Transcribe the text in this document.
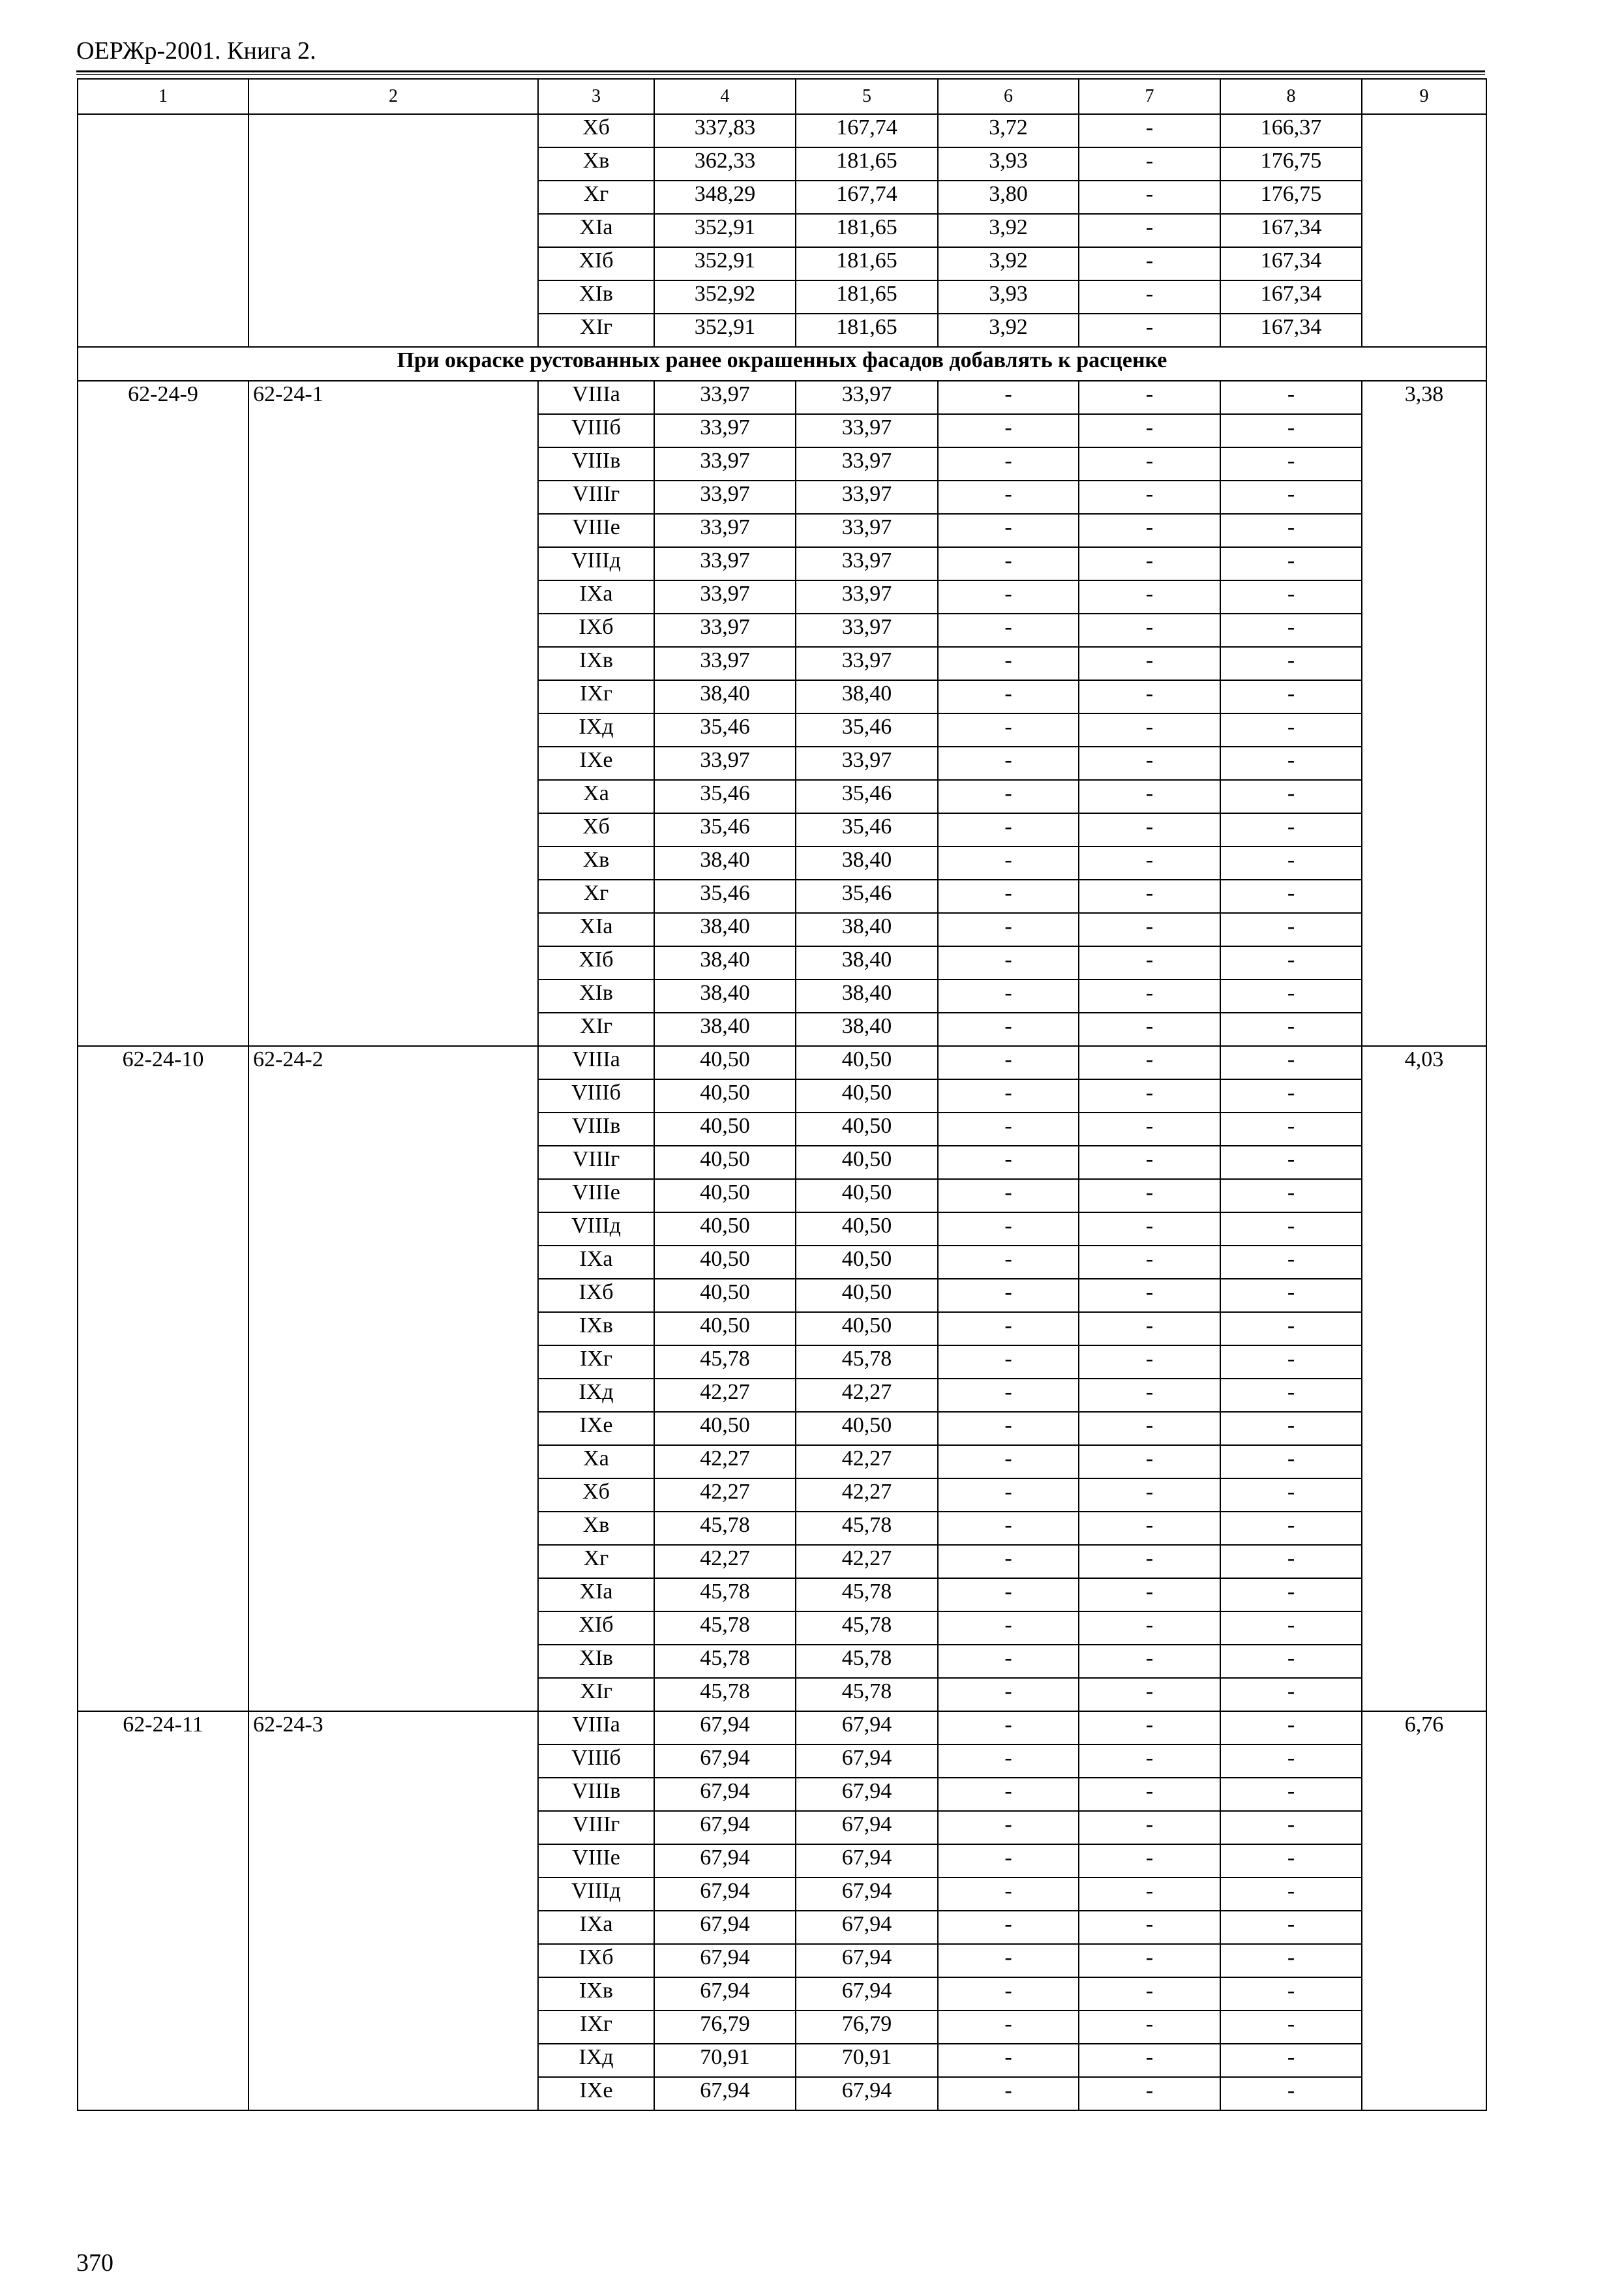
ОЕРЖр-2001. Книга 2.
1	2	3	4	5	6	7	8	9
		Xб	337,83	167,74	3,72	-	166,37	
		Xв	362,33	181,65	3,93	-	176,75	
		Xг	348,29	167,74	3,80	-	176,75	
		XIа	352,91	181,65	3,92	-	167,34	
		XIб	352,91	181,65	3,92	-	167,34	
		XIв	352,92	181,65	3,93	-	167,34	
		XIг	352,91	181,65	3,92	-	167,34	
При окраске рустованных ранее окрашенных фасадов добавлять к расценке								
62-24-9	62-24-1	VIIIа	33,97	33,97	-	-	-	3,38
		VIIIб	33,97	33,97	-	-	-	
		VIIIв	33,97	33,97	-	-	-	
		VIIIг	33,97	33,97	-	-	-	
		VIIIе	33,97	33,97	-	-	-	
		VIIIд	33,97	33,97	-	-	-	
		IXа	33,97	33,97	-	-	-	
		IXб	33,97	33,97	-	-	-	
		IXв	33,97	33,97	-	-	-	
		IXг	38,40	38,40	-	-	-	
		IXд	35,46	35,46	-	-	-	
		IXе	33,97	33,97	-	-	-	
		Xа	35,46	35,46	-	-	-	
		Xб	35,46	35,46	-	-	-	
		Xв	38,40	38,40	-	-	-	
		Xг	35,46	35,46	-	-	-	
		XIа	38,40	38,40	-	-	-	
		XIб	38,40	38,40	-	-	-	
		XIв	38,40	38,40	-	-	-	
		XIг	38,40	38,40	-	-	-	
62-24-10	62-24-2	VIIIа	40,50	40,50	-	-	-	4,03
		VIIIб	40,50	40,50	-	-	-	
		VIIIв	40,50	40,50	-	-	-	
		VIIIг	40,50	40,50	-	-	-	
		VIIIе	40,50	40,50	-	-	-	
		VIIIд	40,50	40,50	-	-	-	
		IXа	40,50	40,50	-	-	-	
		IXб	40,50	40,50	-	-	-	
		IXв	40,50	40,50	-	-	-	
		IXг	45,78	45,78	-	-	-	
		IXд	42,27	42,27	-	-	-	
		IXе	40,50	40,50	-	-	-	
		Xа	42,27	42,27	-	-	-	
		Xб	42,27	42,27	-	-	-	
		Xв	45,78	45,78	-	-	-	
		Xг	42,27	42,27	-	-	-	
		XIа	45,78	45,78	-	-	-	
		XIб	45,78	45,78	-	-	-	
		XIв	45,78	45,78	-	-	-	
		XIг	45,78	45,78	-	-	-	
62-24-11	62-24-3	VIIIа	67,94	67,94	-	-	-	6,76
		VIIIб	67,94	67,94	-	-	-	
		VIIIв	67,94	67,94	-	-	-	
		VIIIг	67,94	67,94	-	-	-	
		VIIIе	67,94	67,94	-	-	-	
		VIIIд	67,94	67,94	-	-	-	
		IXа	67,94	67,94	-	-	-	
		IXб	67,94	67,94	-	-	-	
		IXв	67,94	67,94	-	-	-	
		IXг	76,79	76,79	-	-	-	
		IXд	70,91	70,91	-	-	-	
		IXе	67,94	67,94	-	-	-	
370
